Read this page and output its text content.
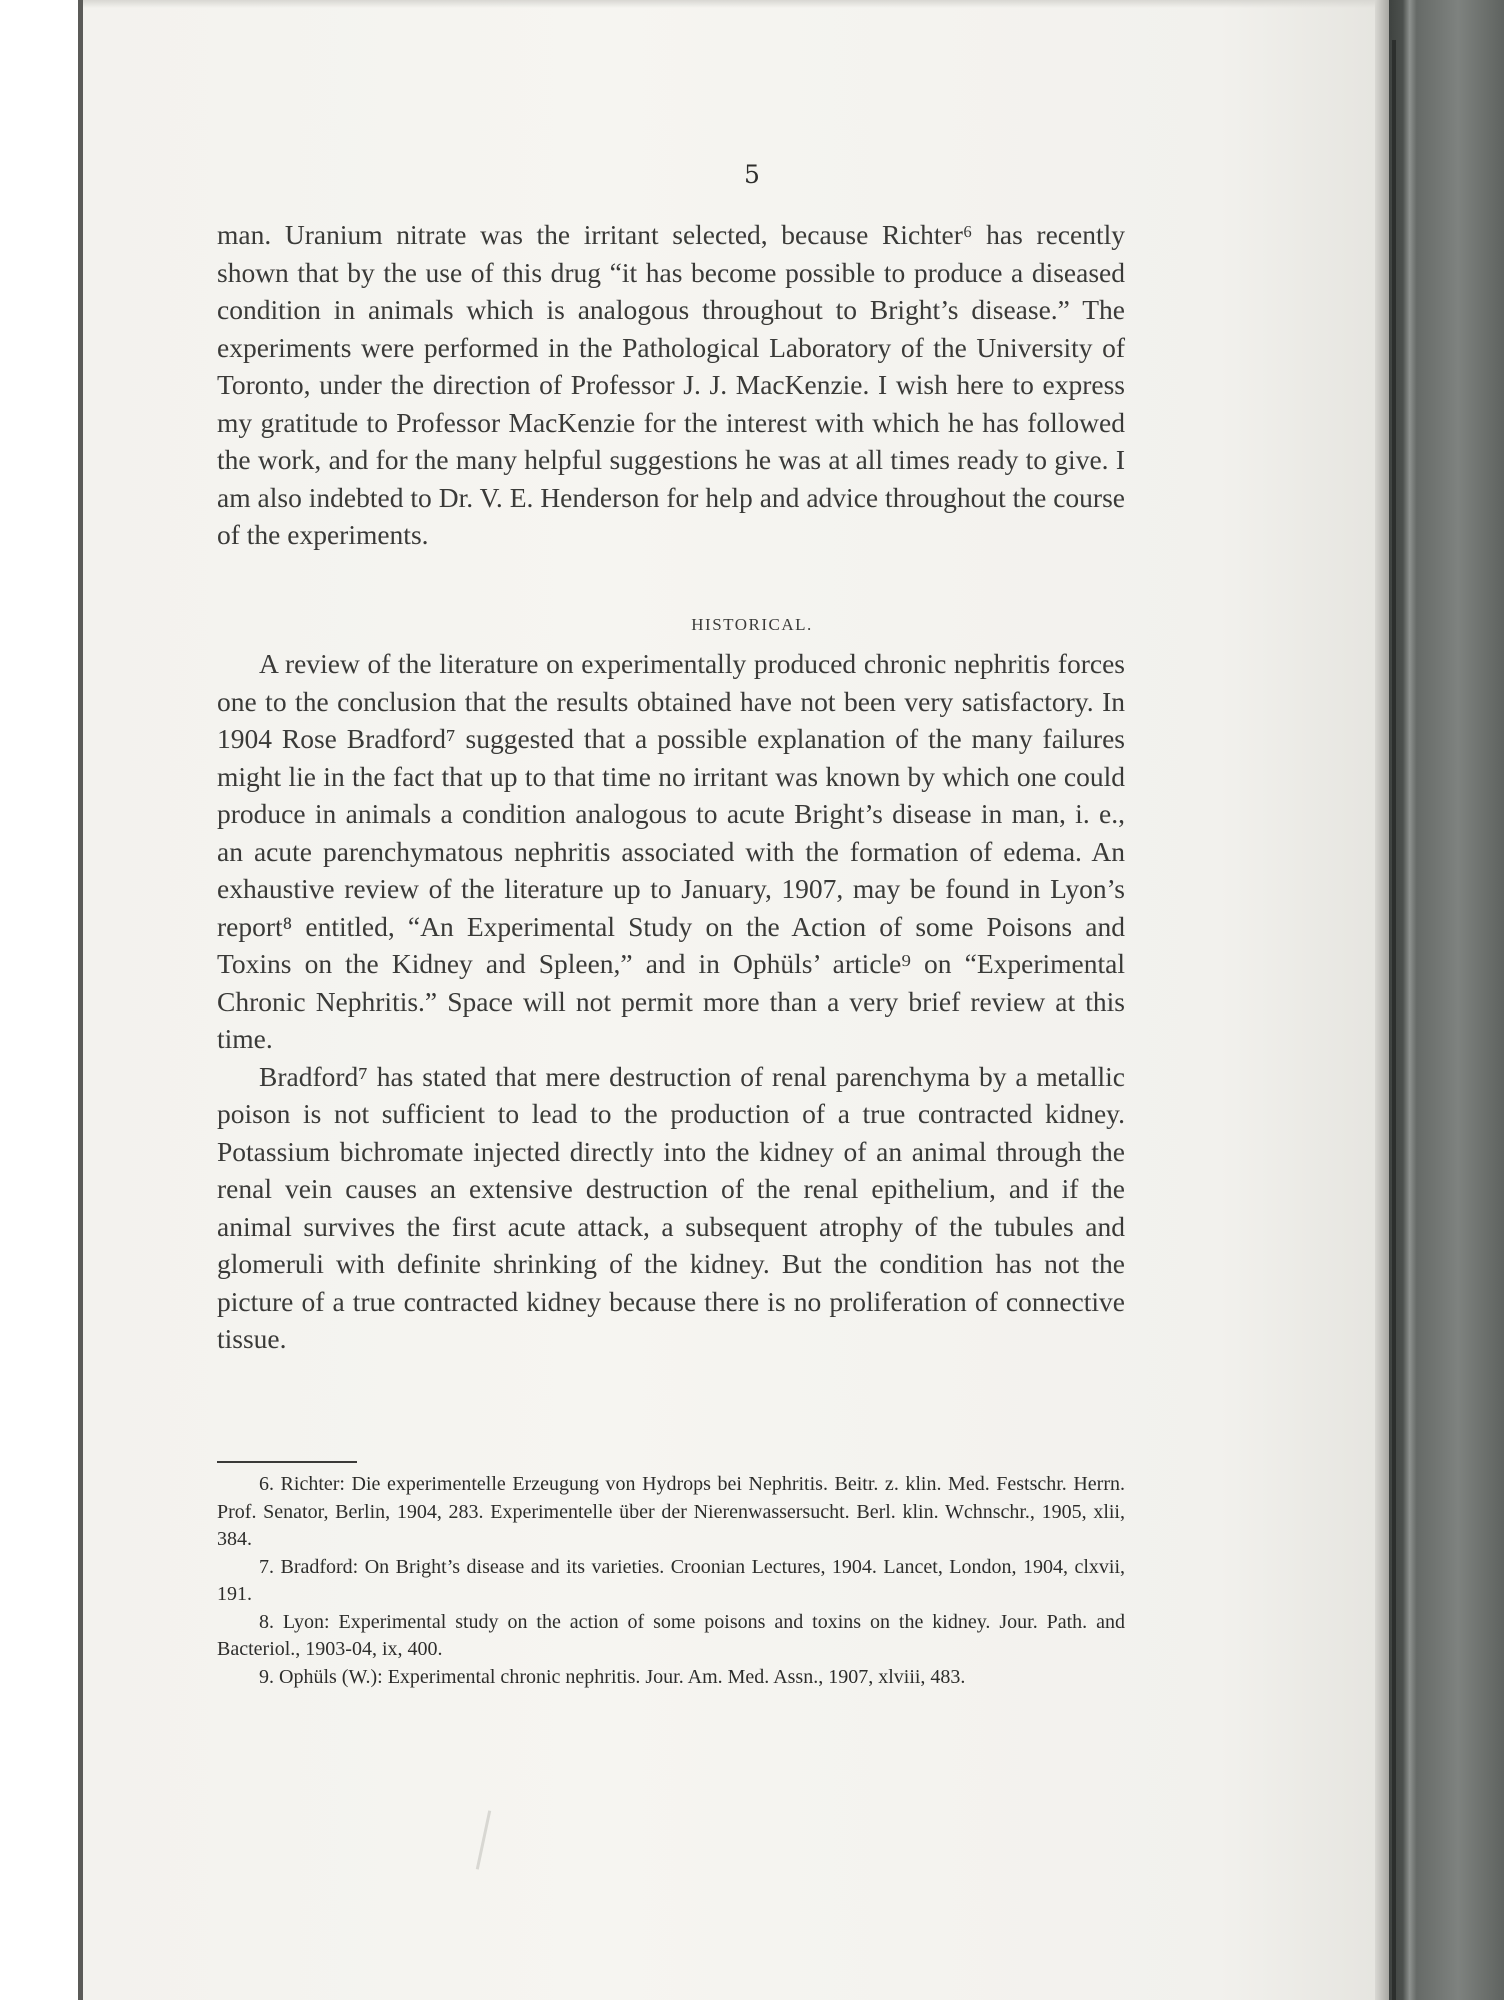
5

man. Uranium nitrate was the irritant selected, because Richter⁶ has recently shown that by the use of this drug “it has become possible to produce a diseased condition in animals which is analogous throughout to Bright’s disease.” The experiments were performed in the Pathological Laboratory of the University of Toronto, under the direction of Professor J. J. MacKenzie. I wish here to express my gratitude to Professor MacKenzie for the interest with which he has followed the work, and for the many helpful suggestions he was at all times ready to give. I am also indebted to Dr. V. E. Henderson for help and advice throughout the course of the experiments.

HISTORICAL.

A review of the literature on experimentally produced chronic nephritis forces one to the conclusion that the results obtained have not been very satisfactory. In 1904 Rose Bradford⁷ suggested that a possible explanation of the many failures might lie in the fact that up to that time no irritant was known by which one could produce in animals a condition analogous to acute Bright’s disease in man, i. e., an acute parenchymatous nephritis associated with the formation of edema. An exhaustive review of the literature up to January, 1907, may be found in Lyon’s report⁸ entitled, “An Experimental Study on the Action of some Poisons and Toxins on the Kidney and Spleen,” and in Ophüls’ article⁹ on “Experimental Chronic Nephritis.” Space will not permit more than a very brief review at this time.

Bradford⁷ has stated that mere destruction of renal parenchyma by a metallic poison is not sufficient to lead to the production of a true contracted kidney. Potassium bichromate injected directly into the kidney of an animal through the renal vein causes an extensive destruction of the renal epithelium, and if the animal survives the first acute attack, a subsequent atrophy of the tubules and glomeruli with definite shrinking of the kidney. But the condition has not the picture of a true contracted kidney because there is no proliferation of connective tissue.

6. Richter: Die experimentelle Erzeugung von Hydrops bei Nephritis. Beitr. z. klin. Med. Festschr. Herrn. Prof. Senator, Berlin, 1904, 283. Experimentelle über der Nierenwassersucht. Berl. klin. Wchnschr., 1905, xlii, 384.

7. Bradford: On Bright’s disease and its varieties. Croonian Lectures, 1904. Lancet, London, 1904, clxvii, 191.

8. Lyon: Experimental study on the action of some poisons and toxins on the kidney. Jour. Path. and Bacteriol., 1903-04, ix, 400.

9. Ophüls (W.): Experimental chronic nephritis. Jour. Am. Med. Assn., 1907, xlviii, 483.
